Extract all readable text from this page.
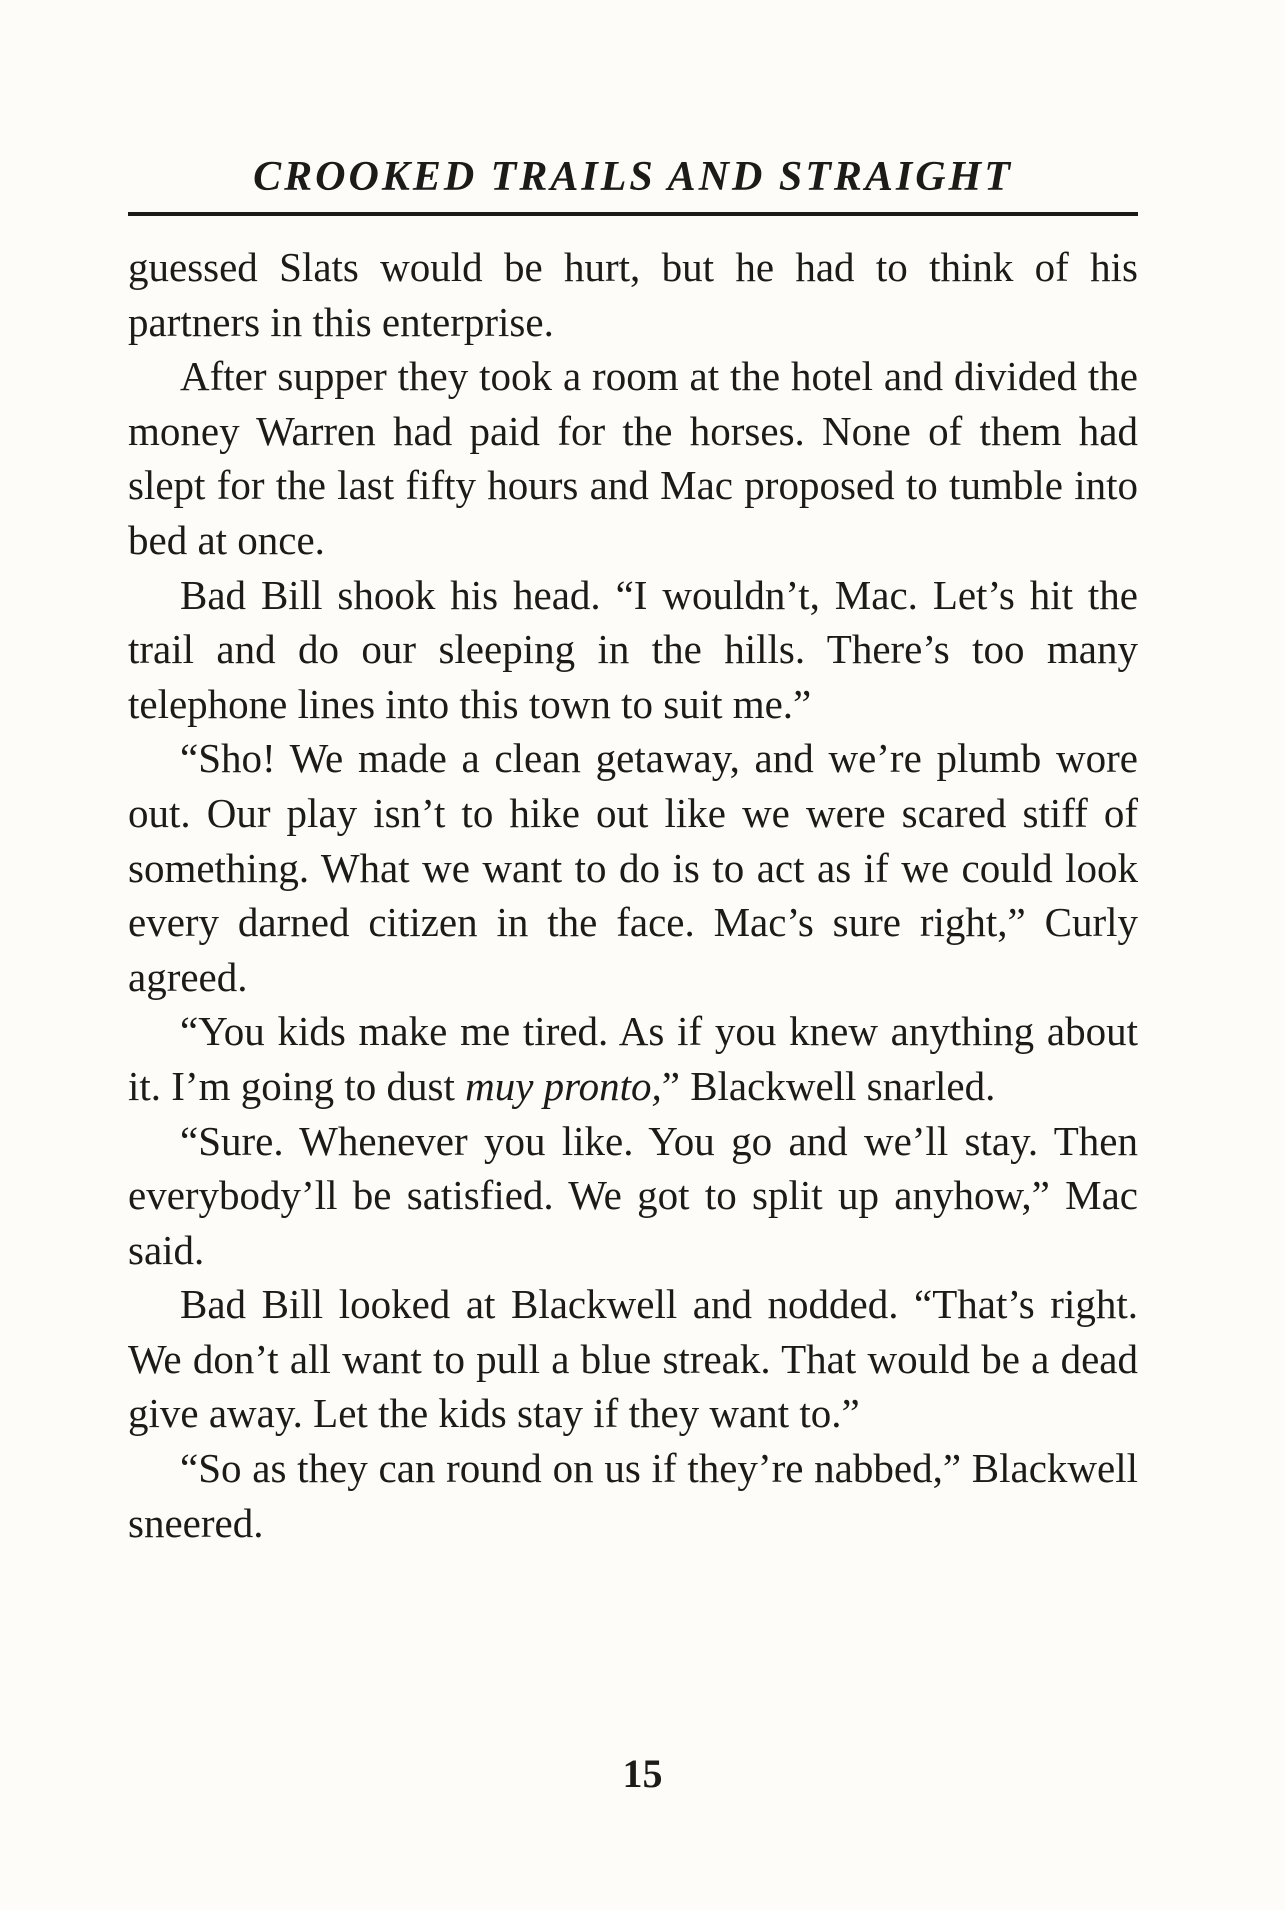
CROOKED TRAILS AND STRAIGHT

guessed Slats would be hurt, but he had to think of his partners in this enterprise.

After supper they took a room at the hotel and divided the money Warren had paid for the horses. None of them had slept for the last fifty hours and Mac proposed to tumble into bed at once.

Bad Bill shook his head. “I wouldn’t, Mac. Let’s hit the trail and do our sleeping in the hills. There’s too many telephone lines into this town to suit me.”

“Sho! We made a clean getaway, and we’re plumb wore out. Our play isn’t to hike out like we were scared stiff of something. What we want to do is to act as if we could look every darned citizen in the face. Mac’s sure right,” Curly agreed.

“You kids make me tired. As if you knew anything about it. I’m going to dust muy pronto,” Blackwell snarled.

“Sure. Whenever you like. You go and we’ll stay. Then everybody’ll be satisfied. We got to split up anyhow,” Mac said.

Bad Bill looked at Blackwell and nodded. “That’s right. We don’t all want to pull a blue streak. That would be a dead give away. Let the kids stay if they want to.”

“So as they can round on us if they’re nabbed,” Blackwell sneered.

15
